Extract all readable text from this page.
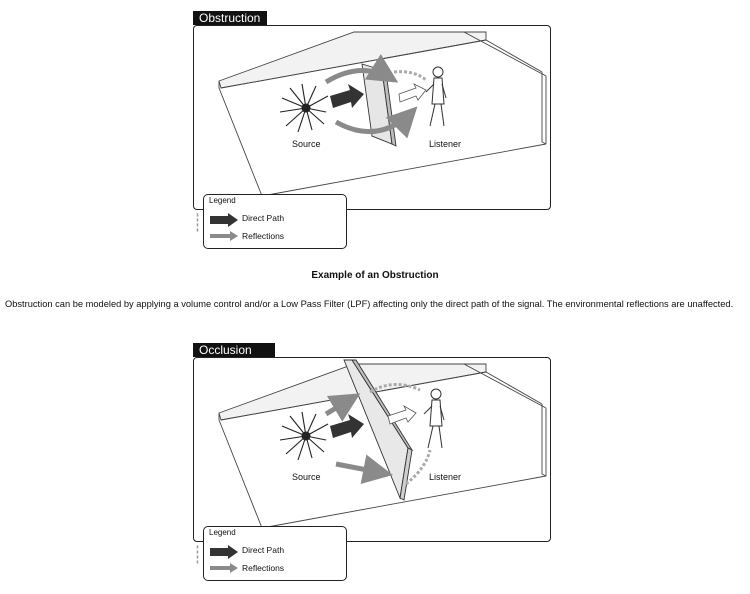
Obstruction
Source	Listener
▮▮▮▮
Legend
Direct Path
Reflections
Example of an Obstruction
Obstruction can be modeled by applying a volume control and/or a Low Pass Filter (LPF) affecting only the direct path of the signal. The environmental reflections are unaffected.
Occlusion
Source	Listener
▮▮▮▮
Legend
Direct Path
Reflections
